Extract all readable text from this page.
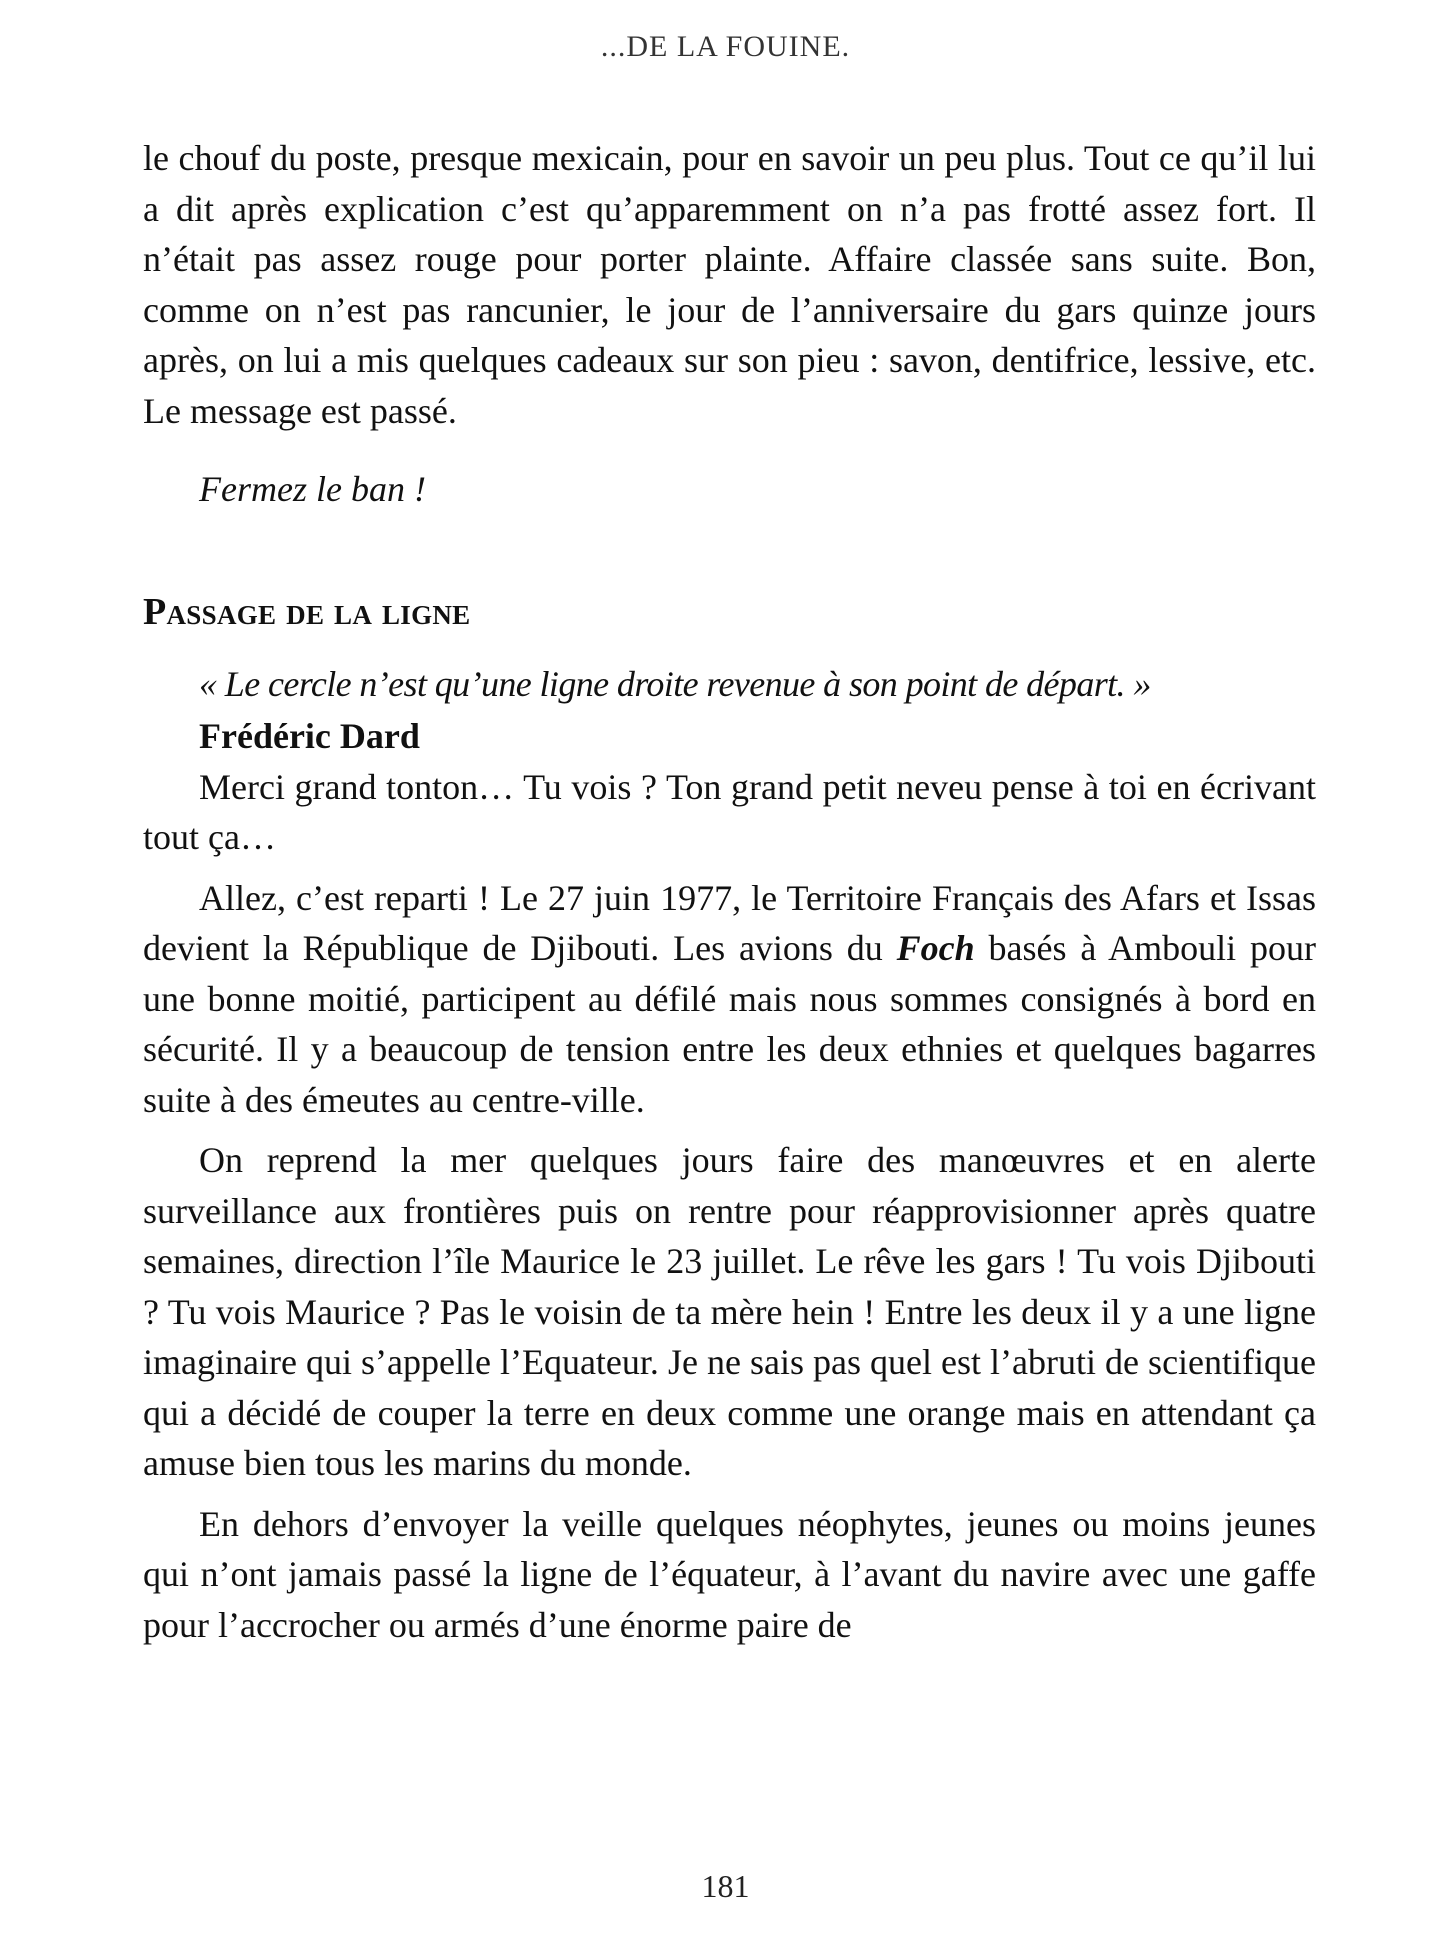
...DE LA FOUINE.

le chouf du poste, presque mexicain, pour en savoir un peu plus. Tout ce qu’il lui a dit après explication c’est qu’apparemment on n’a pas frotté assez fort. Il n’était pas assez rouge pour porter plainte. Affaire classée sans suite. Bon, comme on n’est pas rancunier, le jour de l’anniversaire du gars quinze jours après, on lui a mis quelques cadeaux sur son pieu : savon, dentifrice, lessive, etc. Le message est passé.

Fermez le ban !

Passage de la ligne

« Le cercle n’est qu’une ligne droite revenue à son point de départ. »

Frédéric Dard

Merci grand tonton… Tu vois ? Ton grand petit neveu pense à toi en écrivant tout ça…

Allez, c’est reparti ! Le 27 juin 1977, le Territoire Français des Afars et Issas devient la République de Djibouti. Les avions du Foch basés à Ambouli pour une bonne moitié, participent au défilé mais nous sommes consignés à bord en sécurité. Il y a beaucoup de tension entre les deux ethnies et quelques bagarres suite à des émeutes au centre-ville.

On reprend la mer quelques jours faire des manœuvres et en alerte surveillance aux frontières puis on rentre pour réapprovisionner après quatre semaines, direction l’île Maurice le 23 juillet. Le rêve les gars ! Tu vois Djibouti ? Tu vois Maurice ? Pas le voisin de ta mère hein ! Entre les deux il y a une ligne imaginaire qui s’appelle l’Equateur. Je ne sais pas quel est l’abruti de scientifique qui a décidé de couper la terre en deux comme une orange mais en attendant ça amuse bien tous les marins du monde.

En dehors d’envoyer la veille quelques néophytes, jeunes ou moins jeunes qui n’ont jamais passé la ligne de l’équateur, à l’avant du navire avec une gaffe pour l’accrocher ou armés d’une énorme paire de

181
